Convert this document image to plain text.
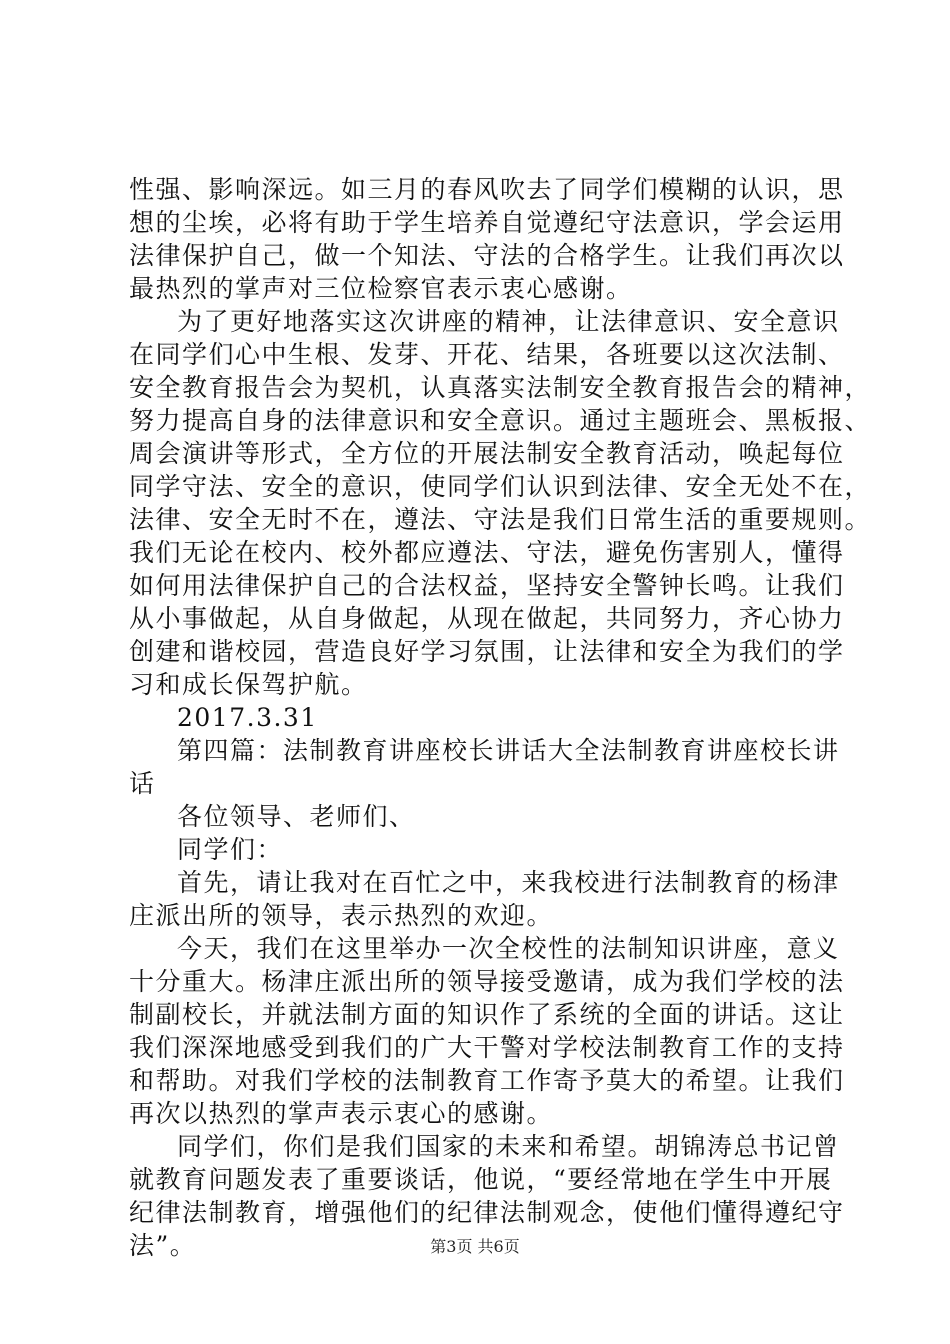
性强、影响深远。如三月的春风吹去了同学们模糊的认识，思
想的尘埃，必将有助于学生培养自觉遵纪守法意识，学会运用
法律保护自己，做一个知法、守法的合格学生。让我们再次以
最热烈的掌声对三位检察官表示衷心感谢。
为了更好地落实这次讲座的精神，让法律意识、安全意识
在同学们心中生根、发芽、开花、结果，各班要以这次法制、
安全教育报告会为契机，认真落实法制安全教育报告会的精神，
努力提高自身的法律意识和安全意识。通过主题班会、黑板报、
周会演讲等形式，全方位的开展法制安全教育活动，唤起每位
同学守法、安全的意识，使同学们认识到法律、安全无处不在，
法律、安全无时不在，遵法、守法是我们日常生活的重要规则。
我们无论在校内、校外都应遵法、守法，避免伤害别人，懂得
如何用法律保护自己的合法权益，坚持安全警钟长鸣。让我们
从小事做起，从自身做起，从现在做起，共同努力，齐心协力
创建和谐校园，营造良好学习氛围，让法律和安全为我们的学
习和成长保驾护航。
2017.3.31
第四篇：法制教育讲座校长讲话大全法制教育讲座校长讲
话
各位领导、老师们、
同学们：
首先，请让我对在百忙之中，来我校进行法制教育的杨津
庄派出所的领导，表示热烈的欢迎。
今天，我们在这里举办一次全校性的法制知识讲座，意义
十分重大。杨津庄派出所的领导接受邀请，成为我们学校的法
制副校长，并就法制方面的知识作了系统的全面的讲话。这让
我们深深地感受到我们的广大干警对学校法制教育工作的支持
和帮助。对我们学校的法制教育工作寄予莫大的希望。让我们
再次以热烈的掌声表示衷心的感谢。
同学们，你们是我们国家的未来和希望。胡锦涛总书记曾
就教育问题发表了重要谈话，他说，“要经常地在学生中开展
纪律法制教育，增强他们的纪律法制观念，使他们懂得遵纪守
法”。	第3页 共6页
